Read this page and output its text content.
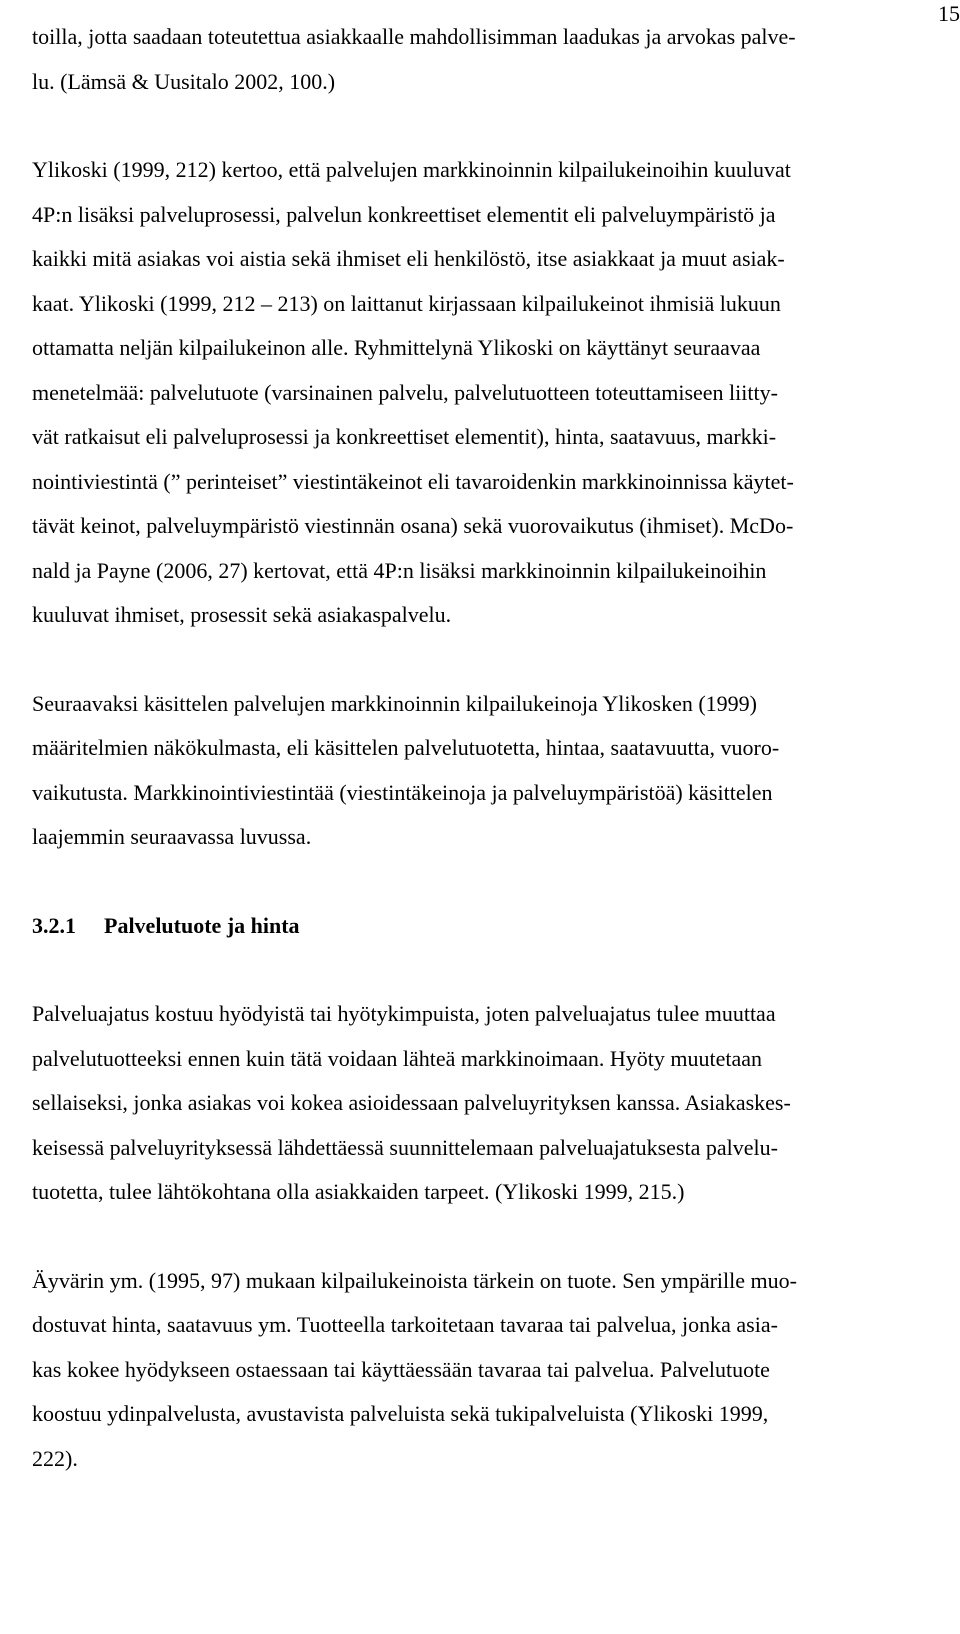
15
toilla, jotta saadaan toteutettua asiakkaalle mahdollisimman laadukas ja arvokas palve-
lu. (Lämsä & Uusitalo 2002, 100.)
Ylikoski (1999, 212) kertoo, että palvelujen markkinoinnin kilpailukeinoihin kuuluvat
4P:n lisäksi palveluprosessi, palvelun konkreettiset elementit eli palveluympäristö ja
kaikki mitä asiakas voi aistia sekä ihmiset eli henkilöstö, itse asiakkaat ja muut asiak-
kaat. Ylikoski (1999, 212 – 213) on laittanut kirjassaan kilpailukeinot ihmisiä lukuun
ottamatta neljän kilpailukeinon alle. Ryhmittelynä Ylikoski on käyttänyt seuraavaa
menetelmää: palvelutuote (varsinainen palvelu, palvelutuotteen toteuttamiseen liitty-
vät ratkaisut eli palveluprosessi ja konkreettiset elementit), hinta, saatavuus, markki-
nointiviestintä (” perinteiset” viestintäkeinot eli tavaroidenkin markkinoinnissa käytet-
tävät keinot, palveluympäristö viestinnän osana) sekä vuorovaikutus (ihmiset). McDo-
nald ja Payne (2006, 27) kertovat, että 4P:n lisäksi markkinoinnin kilpailukeinoihin
kuuluvat ihmiset, prosessit sekä asiakaspalvelu.
Seuraavaksi käsittelen palvelujen markkinoinnin kilpailukeinoja Ylikosken (1999)
määritelmien näkökulmasta, eli käsittelen palvelutuotetta, hintaa, saatavuutta, vuoro-
vaikutusta. Markkinointiviestintää (viestintäkeinoja ja palveluympäristöä) käsittelen
laajemmin seuraavassa luvussa.
3.2.1 Palvelutuote ja hinta
Palveluajatus kostuu hyödyistä tai hyötykimpuista, joten palveluajatus tulee muuttaa
palvelutuotteeksi ennen kuin tätä voidaan lähteä markkinoimaan. Hyöty muutetaan
sellaiseksi, jonka asiakas voi kokea asioidessaan palveluyrityksen kanssa. Asiakaskes-
keisessä palveluyrityksessä lähdettäessä suunnittelemaan palveluajatuksesta palvelu-
tuotetta, tulee lähtökohtana olla asiakkaiden tarpeet. (Ylikoski 1999, 215.)
Äyvärin ym. (1995, 97) mukaan kilpailukeinoista tärkein on tuote. Sen ympärille muo-
dostuvat hinta, saatavuus ym. Tuotteella tarkoitetaan tavaraa tai palvelua, jonka asia-
kas kokee hyödykseen ostaessaan tai käyttäessään tavaraa tai palvelua. Palvelutuote
koostuu ydinpalvelusta, avustavista palveluista sekä tukipalveluista (Ylikoski 1999,
222).
